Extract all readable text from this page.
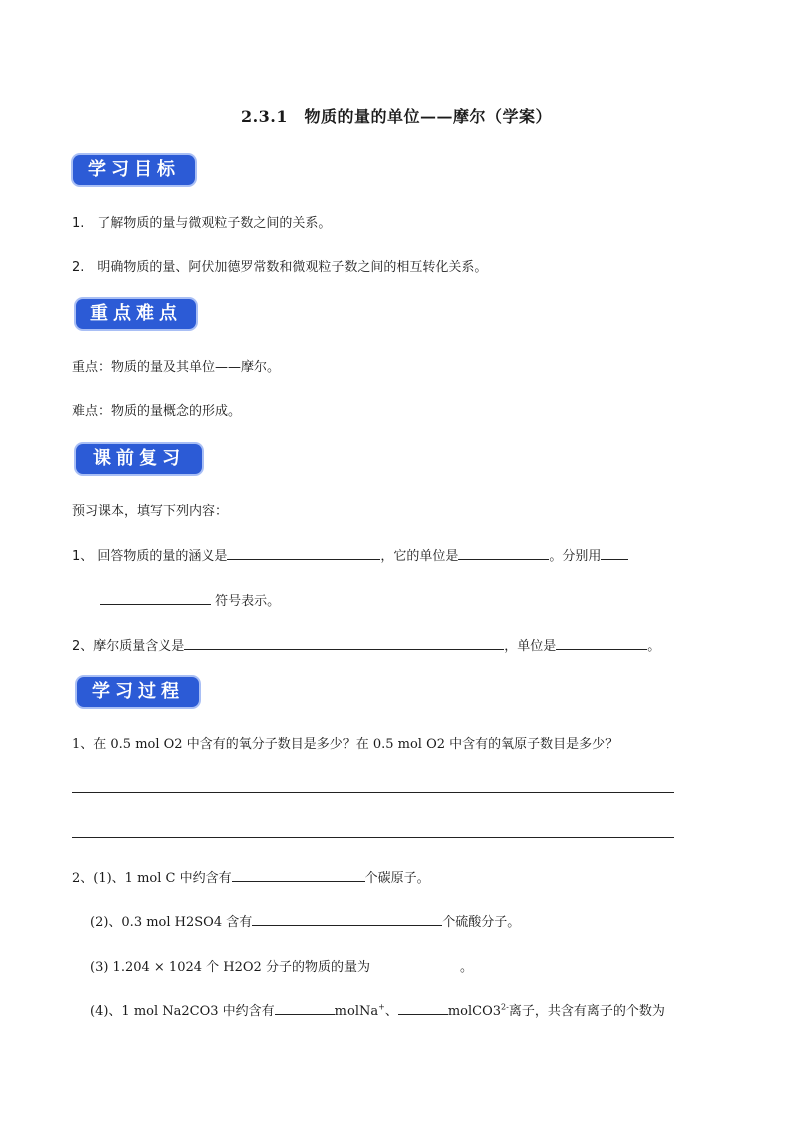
2.3.1　物质的量的单位——摩尔（学案）
学习目标
1.　了解物质的量与微观粒子数之间的关系。
2.　明确物质的量、阿伏加德罗常数和微观粒子数之间的相互转化关系。
重点难点
重点：物质的量及其单位——摩尔。
难点：物质的量概念的形成。
课前复习
预习课本，填写下列内容：
1、 回答物质的量的涵义是	，它的单位是	。分别用
符号表示。
2、摩尔质量含义是	，单位是	。
学习过程
1、在 0.5 mol O2 中含有的氧分子数目是多少？在 0.5 mol O2 中含有的氧原子数目是多少？
2、(1)、1 mol C 中约含有	个碳原子。
(2)、0.3 mol H2SO4 含有	个硫酸分子。
(3) 1.204 × 1024 个 H2O2 分子的物质的量为	。
(4)、1 mol Na2CO3 中约含有	molNa+、	$molCO3^{2-}$离子，共含有离子的个数为
